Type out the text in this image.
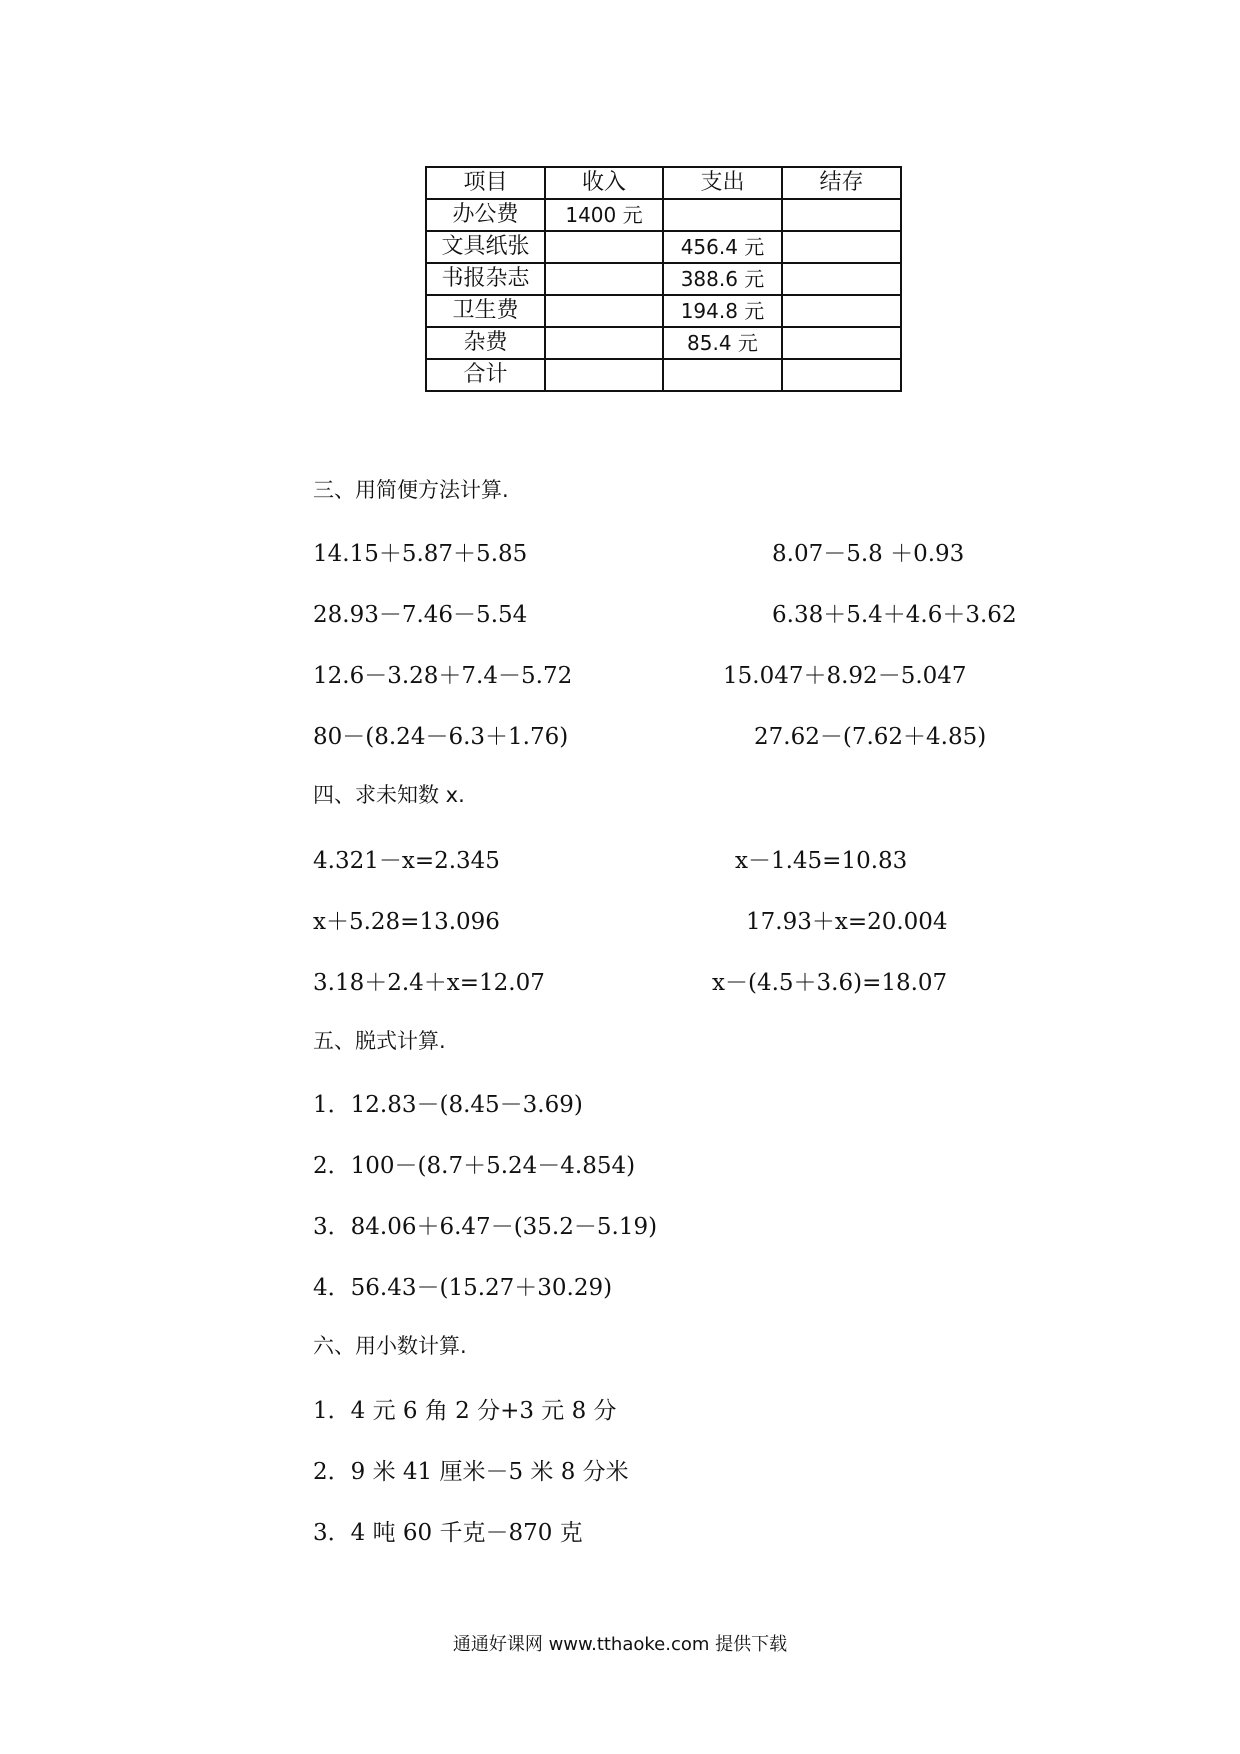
项目	收入	支出	结存
办公费	1400 元		
文具纸张		456.4 元	
书报杂志		388.6 元	
卫生费		194.8 元	
杂费		85.4 元	
合计			
三、用简便方法计算.
14.15＋5.87＋5.85
28.93－7.46－5.54
12.6－3.28＋7.4－5.72
80－(8.24－6.3＋1.76)
8.07－5.8 ＋0.93
6.38＋5.4＋4.6＋3.62
15.047＋8.92－5.047
27.62－(7.62＋4.85)
四、求未知数 x.
4.321－x=2.345
x＋5.28=13.096
3.18＋2.4＋x=12.07
x－1.45=10.83
17.93＋x=20.004
x－(4.5＋3.6)=18.07
五、脱式计算.
1．12.83－(8.45－3.69)
2．100－(8.7＋5.24－4.854)
3．84.06＋6.47－(35.2－5.19)
4．56.43－(15.27＋30.29)
六、用小数计算.
1．4 元 6 角 2 分+3 元 8 分
2．9 米 41 厘米－5 米 8 分米
3．4 吨 60 千克－870 克
通通好课网 www.tthaoke.com 提供下载
